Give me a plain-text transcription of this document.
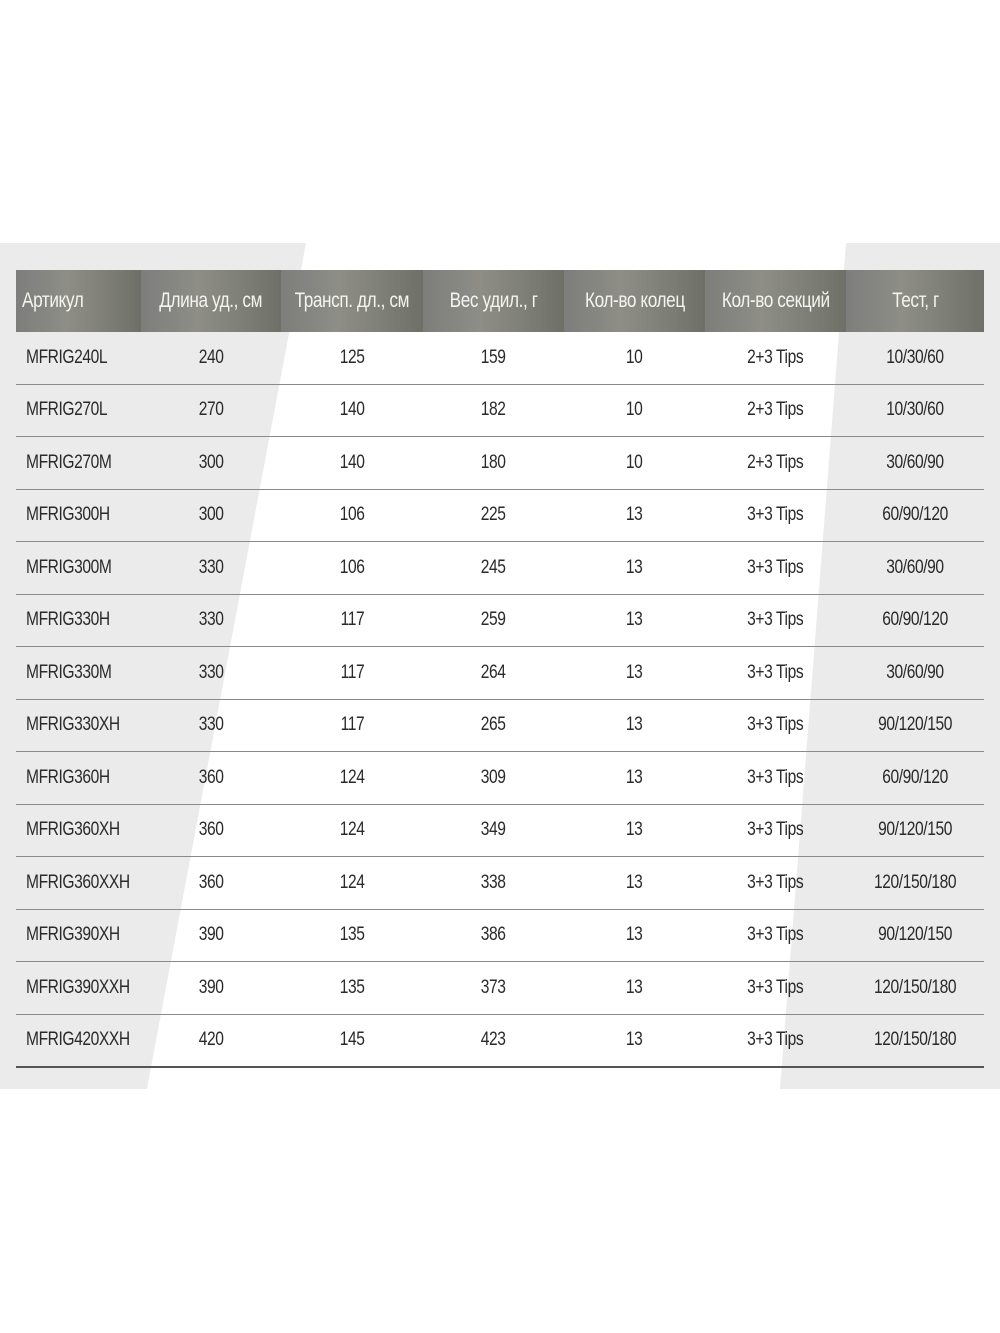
Артикул	Длина уд., см	Трансп. дл., см	Вес удил., г	Кол-во колец	Кол-во секций	Тест, г
MFRIG240L	240	125	159	10	2+3 Tips	10/30/60
MFRIG270L	270	140	182	10	2+3 Tips	10/30/60
MFRIG270M	300	140	180	10	2+3 Tips	30/60/90
MFRIG300H	300	106	225	13	3+3 Tips	60/90/120
MFRIG300M	330	106	245	13	3+3 Tips	30/60/90
MFRIG330H	330	117	259	13	3+3 Tips	60/90/120
MFRIG330M	330	117	264	13	3+3 Tips	30/60/90
MFRIG330XH	330	117	265	13	3+3 Tips	90/120/150
MFRIG360H	360	124	309	13	3+3 Tips	60/90/120
MFRIG360XH	360	124	349	13	3+3 Tips	90/120/150
MFRIG360XXH	360	124	338	13	3+3 Tips	120/150/180
MFRIG390XH	390	135	386	13	3+3 Tips	90/120/150
MFRIG390XXH	390	135	373	13	3+3 Tips	120/150/180
MFRIG420XXH	420	145	423	13	3+3 Tips	120/150/180
